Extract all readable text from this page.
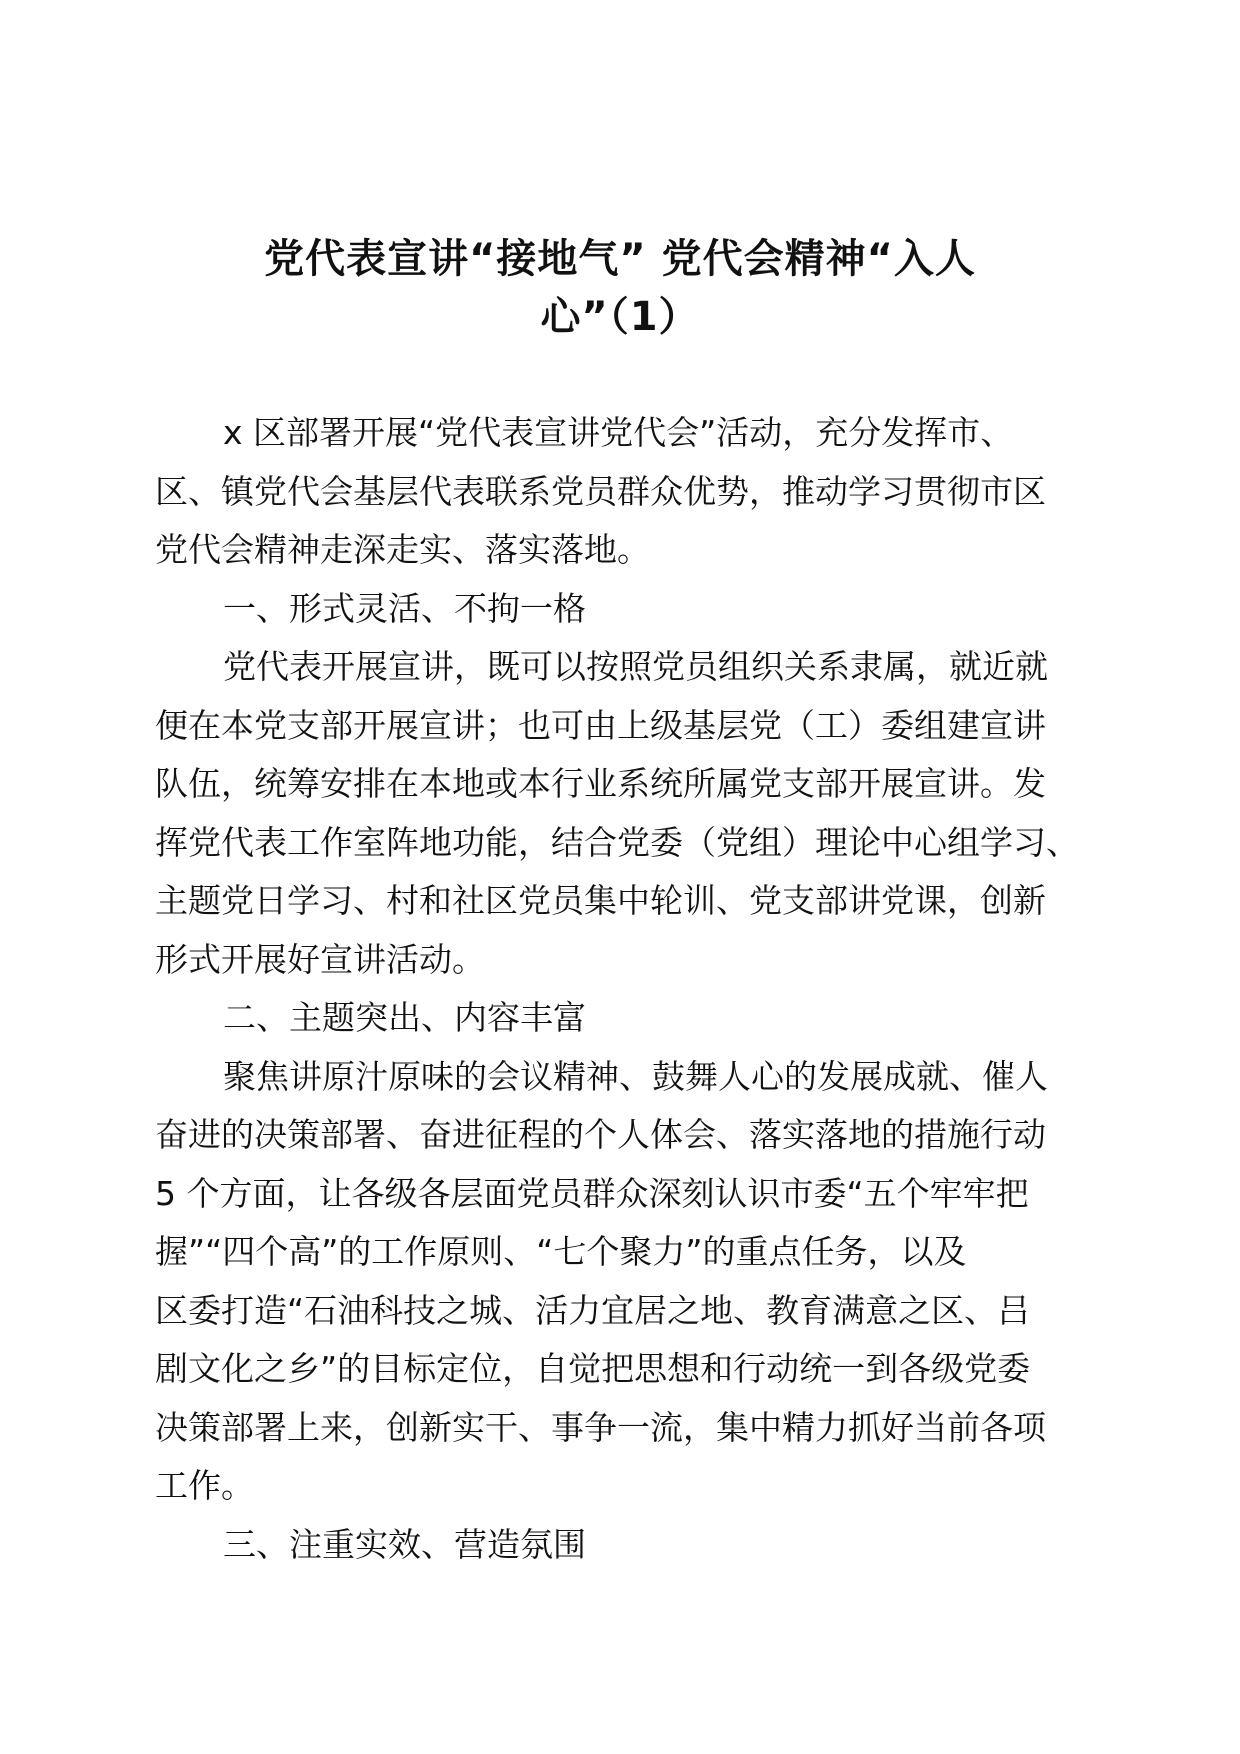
党代表宣讲“接地气” 党代会精神“入人
心”（1）
x 区部署开展“党代表宣讲党代会”活动，充分发挥市、
区、镇党代会基层代表联系党员群众优势，推动学习贯彻市区
党代会精神走深走实、落实落地。
一、形式灵活、不拘一格
党代表开展宣讲，既可以按照党员组织关系隶属，就近就
便在本党支部开展宣讲；也可由上级基层党（工）委组建宣讲
队伍，统筹安排在本地或本行业系统所属党支部开展宣讲。发
挥党代表工作室阵地功能，结合党委（党组）理论中心组学习、
主题党日学习、村和社区党员集中轮训、党支部讲党课，创新
形式开展好宣讲活动。
二、主题突出、内容丰富
聚焦讲原汁原味的会议精神、鼓舞人心的发展成就、催人
奋进的决策部署、奋进征程的个人体会、落实落地的措施行动
5 个方面，让各级各层面党员群众深刻认识市委“五个牢牢把
握”“四个高”的工作原则、“七个聚力”的重点任务，以及
区委打造“石油科技之城、活力宜居之地、教育满意之区、吕
剧文化之乡”的目标定位，自觉把思想和行动统一到各级党委
决策部署上来，创新实干、事争一流，集中精力抓好当前各项
工作。
三、注重实效、营造氛围
